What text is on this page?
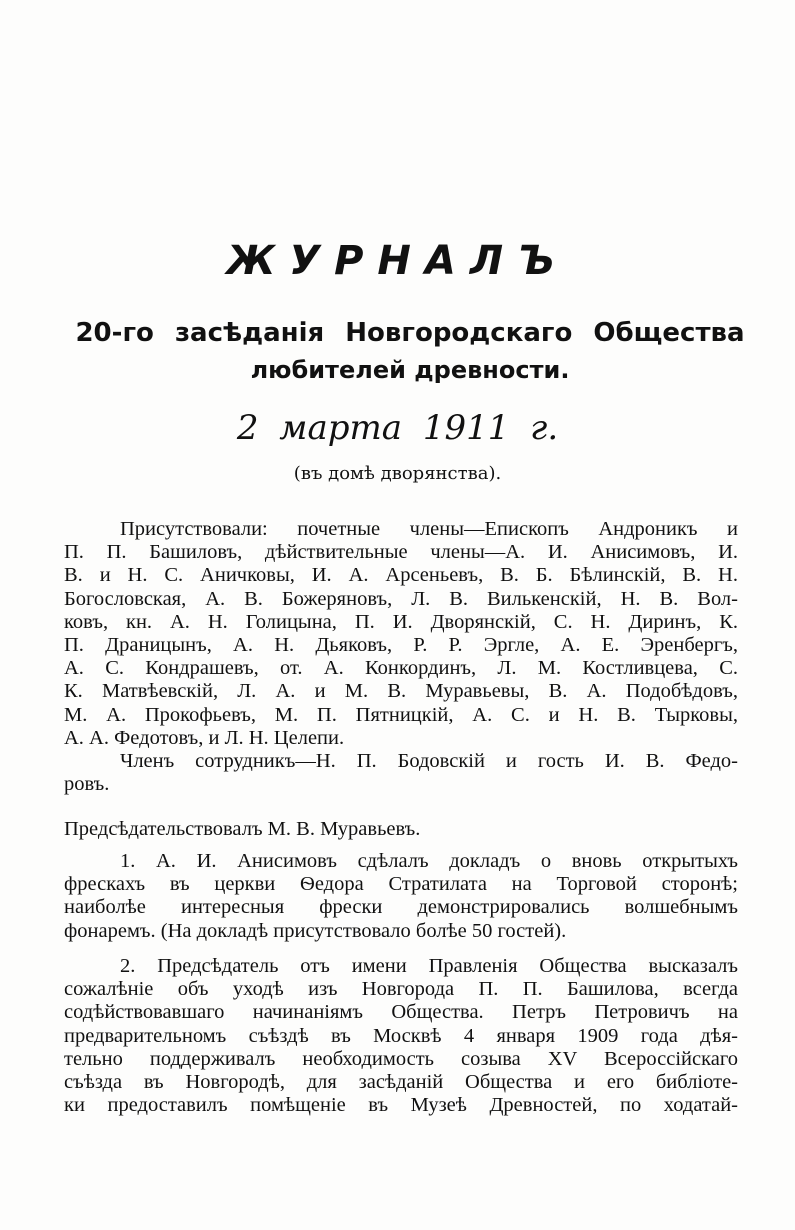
ЖУРНАЛЪ

20-го засѣданія Новгородскаго Общества

любителей древности.

2 марта 1911 г.

(въ домѣ дворянства).

Присутствовали: почетные члены—Епископъ Андроникъ и
П. П. Башиловъ, дѣйствительные члены—А. И. Анисимовъ, И.
В. и Н. С. Аничковы, И. А. Арсеньевъ, В. Б. Бѣлинскій, В. Н.
Богословская, А. В. Божеряновъ, Л. В. Вилькенскій, Н. В. Вол-
ковъ, кн. А. Н. Голицына, П. И. Дворянскій, С. Н. Диринъ, К.
П. Драницынъ, А. Н. Дьяковъ, Р. Р. Эргле, А. Е. Эренбергъ,
А. С. Кондрашевъ, от. А. Конкординъ, Л. М. Костливцева, С.
К. Матвѣевскій, Л. А. и М. В. Муравьевы, В. А. Подобѣдовъ,
М. А. Прокофьевъ, М. П. Пятницкій, А. С. и Н. В. Тырковы,
А. А. Федотовъ, и Л. Н. Целепи.
Членъ сотрудникъ—Н. П. Бодовскій и гость И. В. Федо-
ровъ.
Предсѣдательствовалъ М. В. Муравьевъ.
1. А. И. Анисимовъ сдѣлалъ докладъ о вновь открытыхъ
фрескахъ въ церкви Ѳедора Стратилата на Торговой сторонѣ;
наиболѣе интересныя фрески демонстрировались волшебнымъ
фонаремъ. (На докладѣ присутствовало болѣе 50 гостей).
2. Предсѣдатель отъ имени Правленія Общества высказалъ
сожалѣніе объ уходѣ изъ Новгорода П. П. Башилова, всегда
содѣйствовавшаго начинаніямъ Общества. Петръ Петровичъ на
предварительномъ съѣздѣ въ Москвѣ 4 января 1909 года дѣя-
тельно поддерживалъ необходимость созыва XV Всероссійскаго
съѣзда въ Новгородѣ, для засѣданій Общества и его библіоте-
ки предоставилъ помѣщеніе въ Музеѣ Древностей, по ходатай-
